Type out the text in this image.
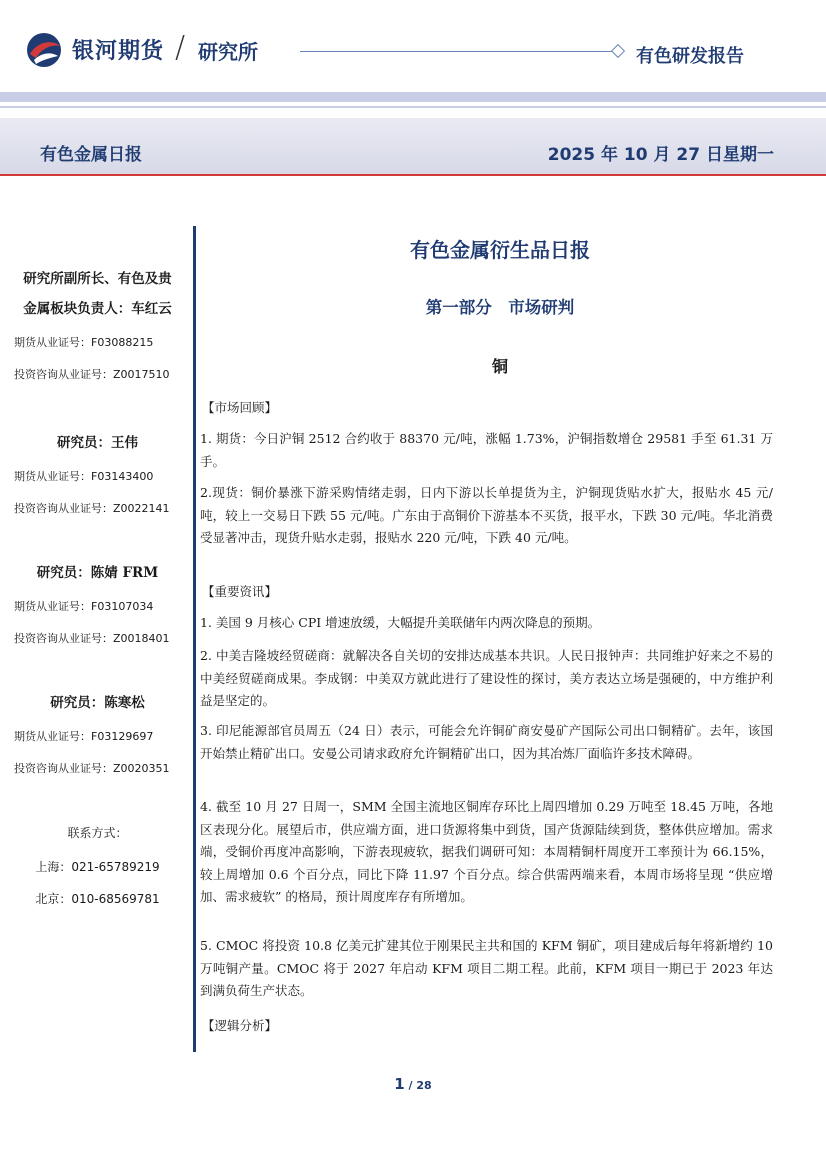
银河期货 / 研究所	有色研发报告
有色金属日报	2025 年 10 月 27 日星期一
研究所副所长、有色及贵
金属板块负责人：车红云
期货从业证号：F03088215
投资咨询从业证号：Z0017510
研究员：王伟
期货从业证号：F03143400
投资咨询从业证号：Z0022141
研究员：陈婧 FRM
期货从业证号：F03107034
投资咨询从业证号：Z0018401
研究员：陈寒松
期货从业证号：F03129697
投资咨询从业证号：Z0020351
联系方式：
上海：021-65789219
北京：010-68569781
有色金属衍生品日报
第一部分　市场研判
铜
【市场回顾】
1. 期货：今日沪铜 2512 合约收于 88370 元/吨，涨幅 1.73%，沪铜指数增仓 29581 手至 61.31 万手。
2.现货：铜价暴涨下游采购情绪走弱，日内下游以长单提货为主，沪铜现货贴水扩大，报贴水 45 元/吨，较上一交易日下跌 55 元/吨。广东由于高铜价下游基本不买货，报平水，下跌 30 元/吨。华北消费受显著冲击，现货升贴水走弱，报贴水 220 元/吨，下跌 40 元/吨。
【重要资讯】
1. 美国 9 月核心 CPI 增速放缓，大幅提升美联储年内两次降息的预期。
2. 中美吉隆坡经贸磋商：就解决各自关切的安排达成基本共识。人民日报钟声：共同维护好来之不易的中美经贸磋商成果。李成钢：中美双方就此进行了建设性的探讨，美方表达立场是强硬的，中方维护利益是坚定的。
3. 印尼能源部官员周五（24 日）表示，可能会允许铜矿商安曼矿产国际公司出口铜精矿。去年，该国开始禁止精矿出口。安曼公司请求政府允许铜精矿出口，因为其冶炼厂面临许多技术障碍。
4. 截至 10 月 27 日周一，SMM 全国主流地区铜库存环比上周四增加 0.29 万吨至 18.45 万吨，各地区表现分化。展望后市，供应端方面，进口货源将集中到货，国产货源陆续到货，整体供应增加。需求端，受铜价再度冲高影响，下游表现疲软，据我们调研可知：本周精铜杆周度开工率预计为 66.15%，较上周增加 0.6 个百分点，同比下降 11.97 个百分点。综合供需两端来看，本周市场将呈现 “供应增加、需求疲软” 的格局，预计周度库存有所增加。
5. CMOC 将投资 10.8 亿美元扩建其位于刚果民主共和国的 KFM 铜矿，项目建成后每年将新增约 10 万吨铜产量。CMOC 将于 2027 年启动 KFM 项目二期工程。此前，KFM 项目一期已于 2023 年达到满负荷生产状态。
【逻辑分析】
1 / 28
